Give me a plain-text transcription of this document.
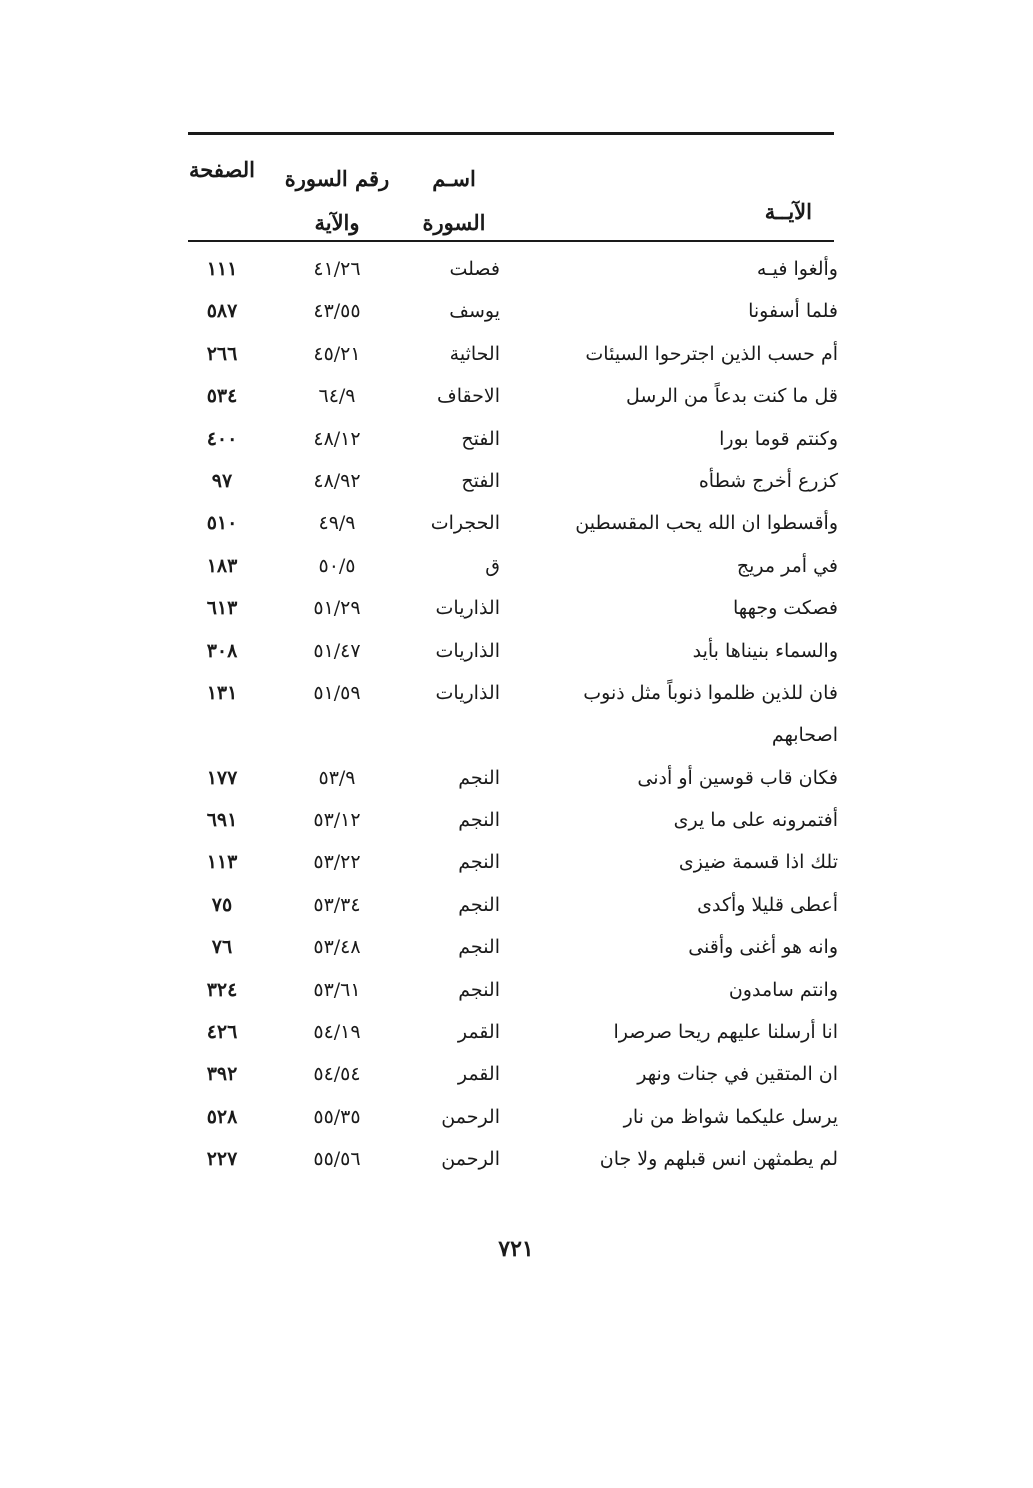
الصفحة رقم السورة
والآية
اسـم
السورة	الآيــة
وألغوا فيـه
فصلت
٤١/٢٦
١١١
فلما أسفونا
يوسف
٤٣/٥٥
٥٨٧
أم حسب الذين اجترحوا السيئات
الحاثية
٤٥/٢١
٢٦٦
قل ما كنت بدعاً من الرسل
الاحقاف
٦٤/٩
٥٣٤
وكنتم قوما بورا
الفتح
٤٨/١٢
٤٠٠
كزرع أخرج شطأه
الفتح
٤٨/٩٢
٩٧
وأقسطوا ان الله يحب المقسطين
الحجرات
٤٩/٩
٥١٠
في أمر مريج
ق
٥٠/٥
١٨٣
فصكت وجهها
الذاريات
٥١/٢٩
٦١٣
والسماء بنيناها بأيد
الذاريات
٥١/٤٧
٣٠٨
فان للذين ظلموا ذنوباً مثل ذنوب
الذاريات
٥١/٥٩
١٣١
اصحابهم
فكان قاب قوسين أو أدنى
النجم
٥٣/٩
١٧٧
أفتمرونه على ما يرى
النجم
٥٣/١٢
٦٩١
تلك اذا قسمة ضيزى
النجم
٥٣/٢٢
١١٣
أعطى قليلا وأكدى
النجم
٥٣/٣٤
٧٥
وانه هو أغنى وأقنى
النجم
٥٣/٤٨
٧٦
وانتم سامدون
النجم
٥٣/٦١
٣٢٤
انا أرسلنا عليهم ريحا صرصرا
القمر
٥٤/١٩
٤٢٦
ان المتقين في جنات ونهر
القمر
٥٤/٥٤
٣٩٢
يرسل عليكما شواظ من نار
الرحمن
٥٥/٣٥
٥٢٨
لم يطمثهن انس قبلهم ولا جان
الرحمن
٥٥/٥٦
٢٢٧
٧٢١
